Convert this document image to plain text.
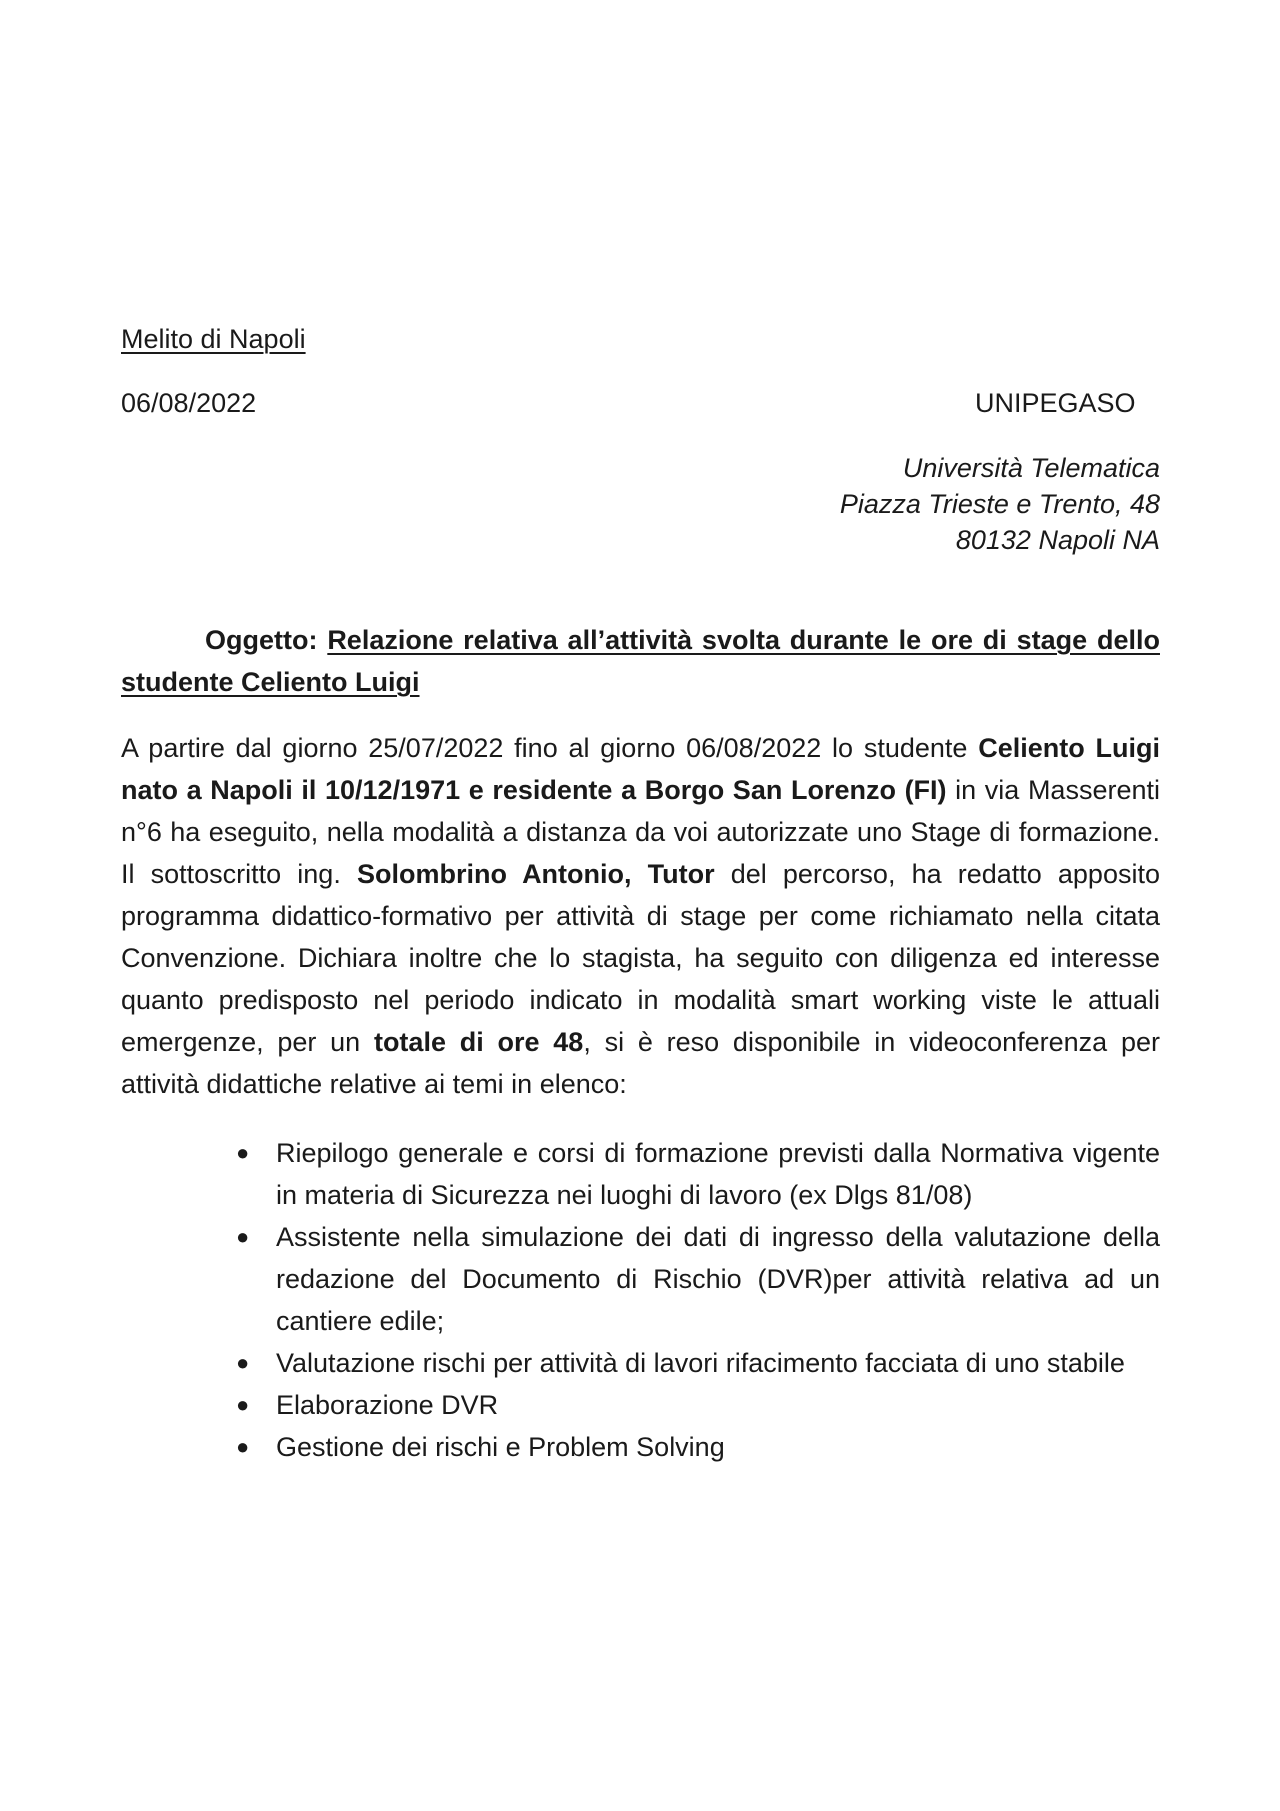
Melito di Napoli
06/08/2022	UNIPEGASO
Università Telematica
Piazza Trieste e Trento, 48
80132 Napoli NA
Oggetto: Relazione relativa all’attività svolta durante le ore di stage dello studente Celiento Luigi
A partire dal giorno 25/07/2022 fino al giorno 06/08/2022 lo studente Celiento Luigi
nato a Napoli il 10/12/1971 e residente a Borgo San Lorenzo (FI) in via Masserenti
n°6 ha eseguito, nella modalità a distanza da voi autorizzate uno Stage di formazione.
Il sottoscritto ing. Solombrino Antonio, Tutor del percorso, ha redatto apposito
programma didattico-formativo per attività di stage per come richiamato nella citata
Convenzione. Dichiara inoltre che lo stagista, ha seguito con diligenza ed interesse
quanto predisposto nel periodo indicato in modalità smart working viste le attuali
emergenze, per un totale di ore 48, si è reso disponibile in videoconferenza per
attività didattiche relative ai temi in elenco:
● Riepilogo generale e corsi di formazione previsti dalla Normativa vigente in materia di Sicurezza nei luoghi di lavoro (ex Dlgs 81/08)
● Assistente nella simulazione dei dati di ingresso della valutazione della redazione del Documento di Rischio (DVR)per attività relativa ad un cantiere edile;
● Valutazione rischi per attività di lavori rifacimento facciata di uno stabile
● Elaborazione DVR
● Gestione dei rischi e Problem Solving
